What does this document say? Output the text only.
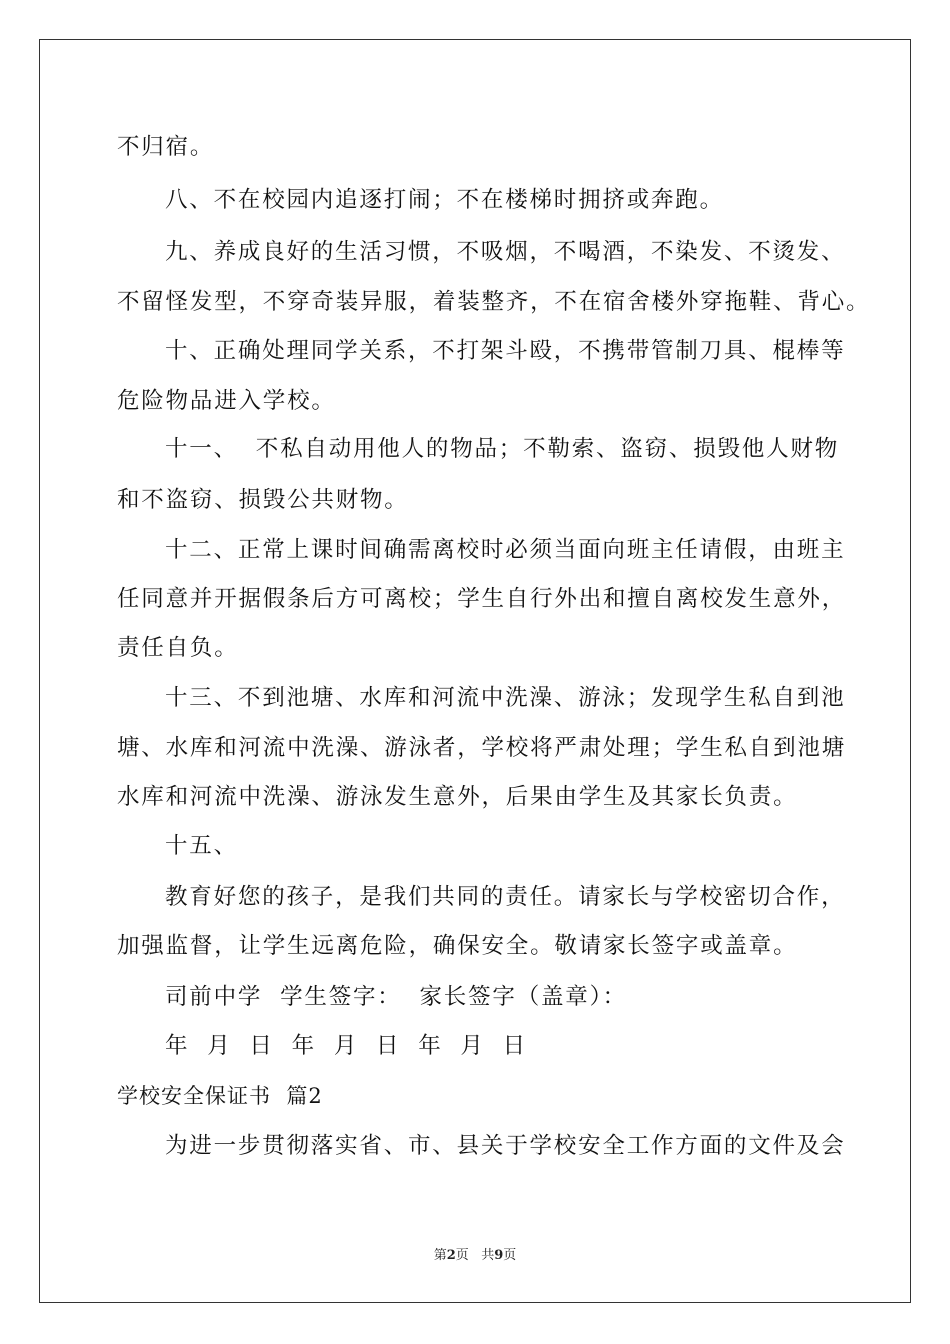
不归宿。
八、不在校园内追逐打闹；不在楼梯时拥挤或奔跑。
九、养成良好的生活习惯，不吸烟，不喝酒，不染发、不烫发、
不留怪发型，不穿奇装异服，着装整齐，不在宿舍楼外穿拖鞋、背心。
十、正确处理同学关系，不打架斗殴，不携带管制刀具、棍棒等
危险物品进入学校。
十一、  不私自动用他人的物品；不勒索、盗窃、损毁他人财物
和不盗窃、损毁公共财物。
十二、正常上课时间确需离校时必须当面向班主任请假，由班主
任同意并开据假条后方可离校；学生自行外出和擅自离校发生意外，
责任自负。
十三、不到池塘、水库和河流中洗澡、游泳；发现学生私自到池
塘、水库和河流中洗澡、游泳者，学校将严肃处理；学生私自到池塘
水库和河流中洗澡、游泳发生意外，后果由学生及其家长负责。
十五、
教育好您的孩子，是我们共同的责任。请家长与学校密切合作，
加强监督，让学生远离危险，确保安全。敬请家长签字或盖章。
司前中学  学生签字：  家长签字（盖章）：
年  月  日  年  月  日  年  月  日
学校安全保证书  篇2
为进一步贯彻落实省、市、县关于学校安全工作方面的文件及会
第2页   共9页
